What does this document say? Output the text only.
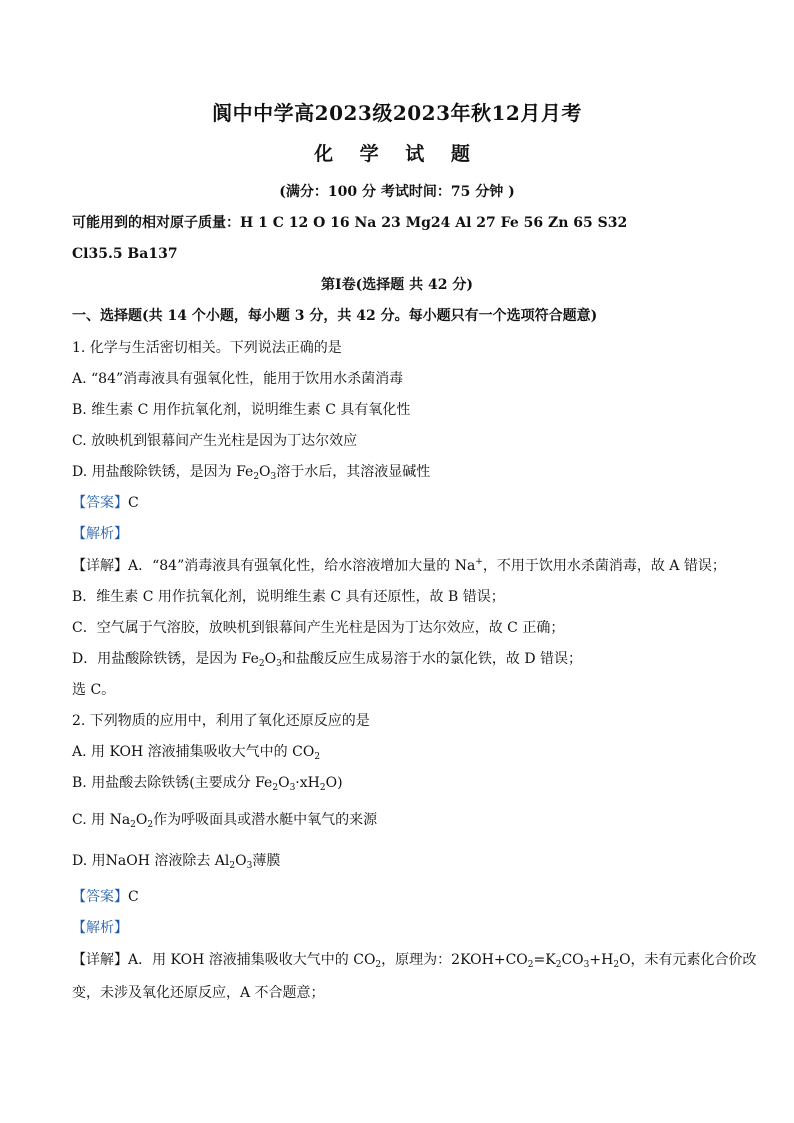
阆中中学高2023级2023年秋12月月考
化 学 试 题
(满分：100 分 考试时间：75 分钟 )
可能用到的相对原子质量：H 1 C 12 O 16 Na 23 Mg24 Al 27 Fe 56 Zn 65 S32
Cl35.5 Ba137
第Ⅰ卷(选择题 共 42 分)
一、选择题(共 14 个小题，每小题 3 分，共 42 分。每小题只有一个选项符合题意)
1. 化学与生活密切相关。下列说法正确的是
A. “84”消毒液具有强氧化性，能用于饮用水杀菌消毒
B. 维生素 C 用作抗氧化剂，说明维生素 C 具有氧化性
C. 放映机到银幕间产生光柱是因为丁达尔效应
D. 用盐酸除铁锈，是因为 $Fe_2O_3$溶于水后，其溶液显碱性
【答案】C
【解析】
【详解】A．“84”消毒液具有强氧化性，给水溶液增加大量的 Na+，不用于饮用水杀菌消毒，故 A 错误；
B．维生素 C 用作抗氧化剂，说明维生素 C 具有还原性，故 B 错误；
C．空气属于气溶胶，放映机到银幕间产生光柱是因为丁达尔效应，故 C 正确；
D．用盐酸除铁锈，是因为 $Fe_2O_3$和盐酸反应生成易溶于水的氯化铁，故 D 错误；
选 C。
2. 下列物质的应用中，利用了氧化还原反应的是
A. 用 KOH 溶液捕集吸收大气中的 $CO_2$
B. 用盐酸去除铁锈(主要成分 $Fe_2O_3\cdot xH_2O$)
C. 用 $Na_2O_2$作为呼吸面具或潜水艇中氧气的来源
D. 用NaOH 溶液除去 $Al_2O_3$薄膜
【答案】C
【解析】
【详解】A．用 KOH 溶液捕集吸收大气中的 $CO_2$，原理为：$2KOH+CO_2=K_2CO_3+H_2O$，未有元素化合价改
变，未涉及氧化还原反应，A 不合题意；
